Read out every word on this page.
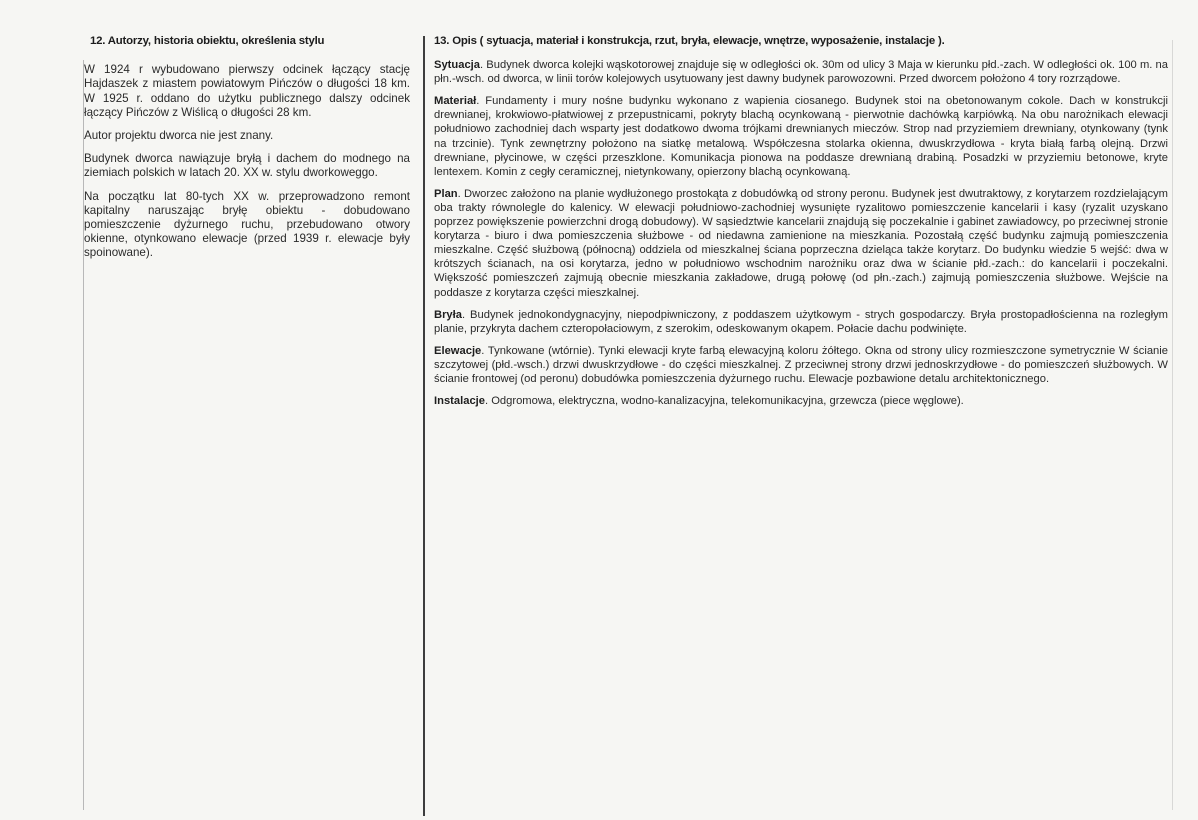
12. Autorzy, historia obiektu, określenia stylu

W 1924 r wybudowano pierwszy odcinek łączący stację Hajdaszek z miastem powiatowym Pińczów o długości 18 km. W 1925 r. oddano do użytku publicznego dalszy odcinek łączący Pińczów z Wiślicą o długości 28 km.

Autor projektu dworca nie jest znany.

Budynek dworca nawiązuje bryłą i dachem do modnego na ziemiach polskich w latach 20. XX w. stylu dworkoweggo.

Na początku lat 80-tych XX w. przeprowadzono remont kapitalny naruszając bryłę obiektu - dobudowano pomieszczenie dyżurnego ruchu, przebudowano otwory okienne, otynkowano elewacje (przed 1939 r. elewacje były spoinowane).

13. Opis ( sytuacja, materiał i konstrukcja, rzut, bryła, elewacje, wnętrze, wyposażenie, instalacje ).

Sytuacja. Budynek dworca kolejki wąskotorowej znajduje się w odległości ok. 30m od ulicy 3 Maja w kierunku płd.-zach. W odległości ok. 100 m. na płn.-wsch. od dworca, w linii torów kolejowych usytuowany jest dawny budynek parowozowni. Przed dworcem położono 4 tory rozrządowe.

Materiał. Fundamenty i mury nośne budynku wykonano z wapienia ciosanego. Budynek stoi na obetonowanym cokole. Dach w konstrukcji drewnianej, krokwiowo-płatwiowej z przepustnicami, pokryty blachą ocynkowaną - pierwotnie dachówką karpiówką. Na obu narożnikach elewacji południowo zachodniej dach wsparty jest dodatkowo dwoma trójkami drewnianych mieczów. Strop nad przyziemiem drewniany, otynkowany (tynk na trzcinie). Tynk zewnętrzny położono na siatkę metalową. Współczesna stolarka okienna, dwuskrzydłowa - kryta białą farbą olejną. Drzwi drewniane, płycinowe, w części przeszklone. Komunikacja pionowa na poddasze drewnianą drabiną. Posadzki w przyziemiu betonowe, kryte lentexem. Komin z cegły ceramicznej, nietynkowany, opierzony blachą ocynkowaną.

Plan. Dworzec założono na planie wydłużonego prostokąta z dobudówką od strony peronu. Budynek jest dwutraktowy, z korytarzem rozdzielającym oba trakty równolegle do kalenicy. W elewacji południowo-zachodniej wysunięte ryzalitowo pomieszczenie kancelarii i kasy (ryzalit uzyskano poprzez powiększenie powierzchni drogą dobudowy). W sąsiedztwie kancelarii znajdują się poczekalnie i gabinet zawiadowcy, po przeciwnej stronie korytarza - biuro i dwa pomieszczenia służbowe - od niedawna zamienione na mieszkania. Pozostałą część budynku zajmują pomieszczenia mieszkalne. Część służbową (północną) oddziela od mieszkalnej ściana poprzeczna dzieląca także korytarz. Do budynku wiedzie 5 wejść: dwa w krótszych ścianach, na osi korytarza, jedno w południowo wschodnim narożniku oraz dwa w ścianie płd.-zach.: do kancelarii i poczekalni. Większość pomieszczeń zajmują obecnie mieszkania zakładowe, drugą połowę (od płn.-zach.) zajmują pomieszczenia służbowe. Wejście na poddasze z korytarza części mieszkalnej.

Bryła. Budynek jednokondygnacyjny, niepodpiwniczony, z poddaszem użytkowym - strych gospodarczy. Bryła prostopadłościenna na rozległym planie, przykryta dachem czteropołaciowym, z szerokim, odeskowanym okapem. Połacie dachu podwinięte.

Elewacje. Tynkowane (wtórnie). Tynki elewacji kryte farbą elewacyjną koloru żółtego. Okna od strony ulicy rozmieszczone symetrycznie W ścianie szczytowej (płd.-wsch.) drzwi dwuskrzydłowe - do części mieszkalnej. Z przeciwnej strony drzwi jednoskrzydłowe - do pomieszczeń służbowych. W ścianie frontowej (od peronu) dobudówka pomieszczenia dyżurnego ruchu. Elewacje pozbawione detalu architektonicznego.

Instalacje. Odgromowa, elektryczna, wodno-kanalizacyjna, telekomunikacyjna, grzewcza (piece węglowe).
